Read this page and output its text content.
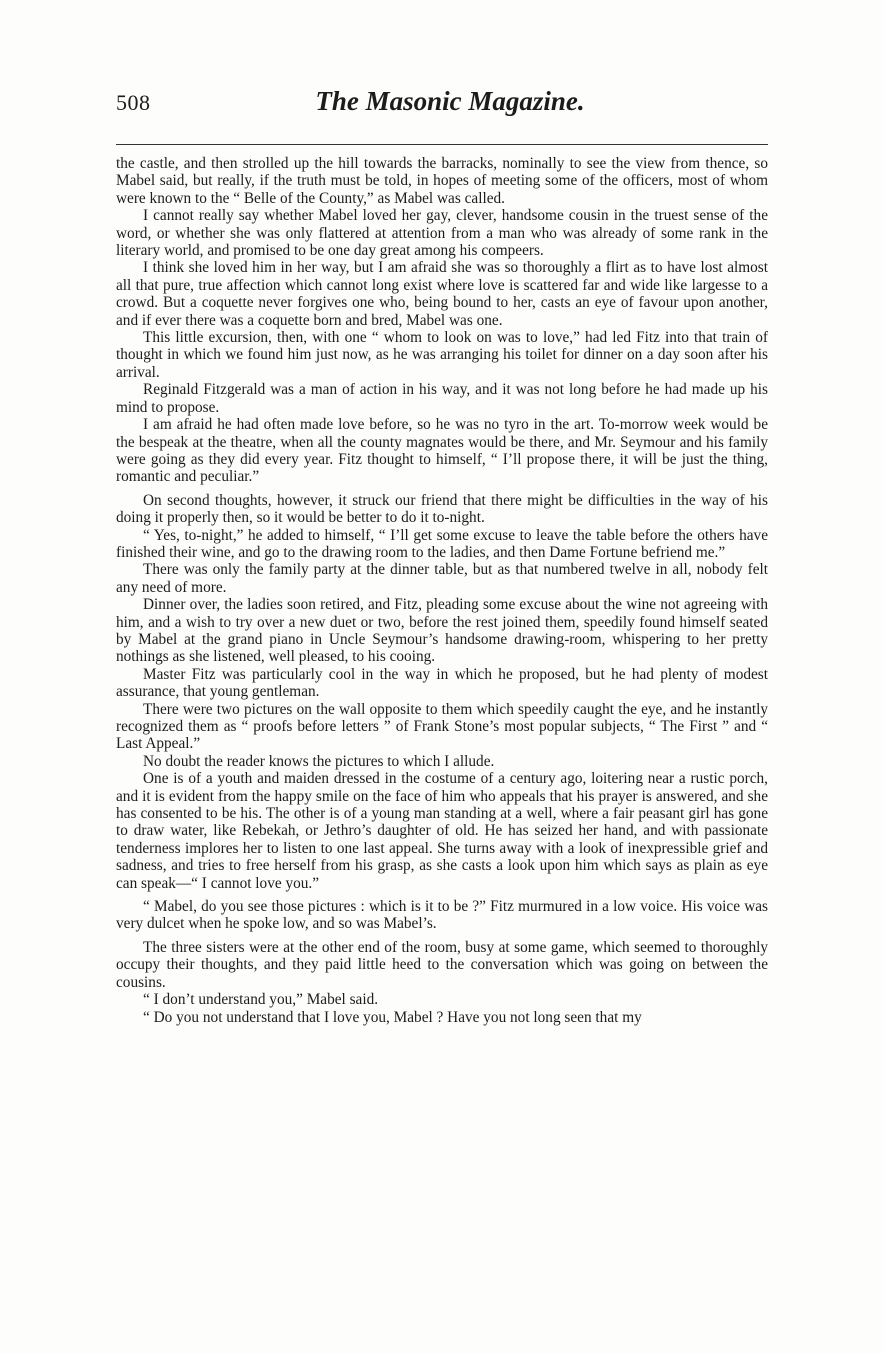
508	The Masonic Magazine.

the castle, and then strolled up the hill towards the barracks, nominally to see the view from thence, so Mabel said, but really, if the truth must be told, in hopes of meeting some of the officers, most of whom were known to the “ Belle of the County,” as Mabel was called.

I cannot really say whether Mabel loved her gay, clever, handsome cousin in the truest sense of the word, or whether she was only flattered at attention from a man who was already of some rank in the literary world, and promised to be one day great among his compeers.

I think she loved him in her way, but I am afraid she was so thoroughly a flirt as to have lost almost all that pure, true affection which cannot long exist where love is scattered far and wide like largesse to a crowd. But a coquette never forgives one who, being bound to her, casts an eye of favour upon another, and if ever there was a coquette born and bred, Mabel was one.

This little excursion, then, with one “ whom to look on was to love,” had led Fitz into that train of thought in which we found him just now, as he was arranging his toilet for dinner on a day soon after his arrival.

Reginald Fitzgerald was a man of action in his way, and it was not long before he had made up his mind to propose.

I am afraid he had often made love before, so he was no tyro in the art. To-morrow week would be the bespeak at the theatre, when all the county magnates would be there, and Mr. Seymour and his family were going as they did every year. Fitz thought to himself, “ I’ll propose there, it will be just the thing, romantic and peculiar.”

On second thoughts, however, it struck our friend that there might be difficulties in the way of his doing it properly then, so it would be better to do it to-night.

“ Yes, to-night,” he added to himself, “ I’ll get some excuse to leave the table before the others have finished their wine, and go to the drawing room to the ladies, and then Dame Fortune befriend me.”

There was only the family party at the dinner table, but as that numbered twelve in all, nobody felt any need of more.

Dinner over, the ladies soon retired, and Fitz, pleading some excuse about the wine not agreeing with him, and a wish to try over a new duet or two, before the rest joined them, speedily found himself seated by Mabel at the grand piano in Uncle Seymour’s handsome drawing-room, whispering to her pretty nothings as she listened, well pleased, to his cooing.

Master Fitz was particularly cool in the way in which he proposed, but he had plenty of modest assurance, that young gentleman.

There were two pictures on the wall opposite to them which speedily caught the eye, and he instantly recognized them as “ proofs before letters ” of Frank Stone’s most popular subjects, “ The First ” and “ Last Appeal.”

No doubt the reader knows the pictures to which I allude.

One is of a youth and maiden dressed in the costume of a century ago, loitering near a rustic porch, and it is evident from the happy smile on the face of him who appeals that his prayer is answered, and she has consented to be his. The other is of a young man standing at a well, where a fair peasant girl has gone to draw water, like Rebekah, or Jethro’s daughter of old. He has seized her hand, and with passionate tenderness implores her to listen to one last appeal. She turns away with a look of inexpressible grief and sadness, and tries to free herself from his grasp, as she casts a look upon him which says as plain as eye can speak—“ I cannot love you.”

“ Mabel, do you see those pictures : which is it to be ?” Fitz murmured in a low voice. His voice was very dulcet when he spoke low, and so was Mabel’s.

The three sisters were at the other end of the room, busy at some game, which seemed to thoroughly occupy their thoughts, and they paid little heed to the conversation which was going on between the cousins.

“ I don’t understand you,” Mabel said.

“ Do you not understand that I love you, Mabel ? Have you not long seen that my
